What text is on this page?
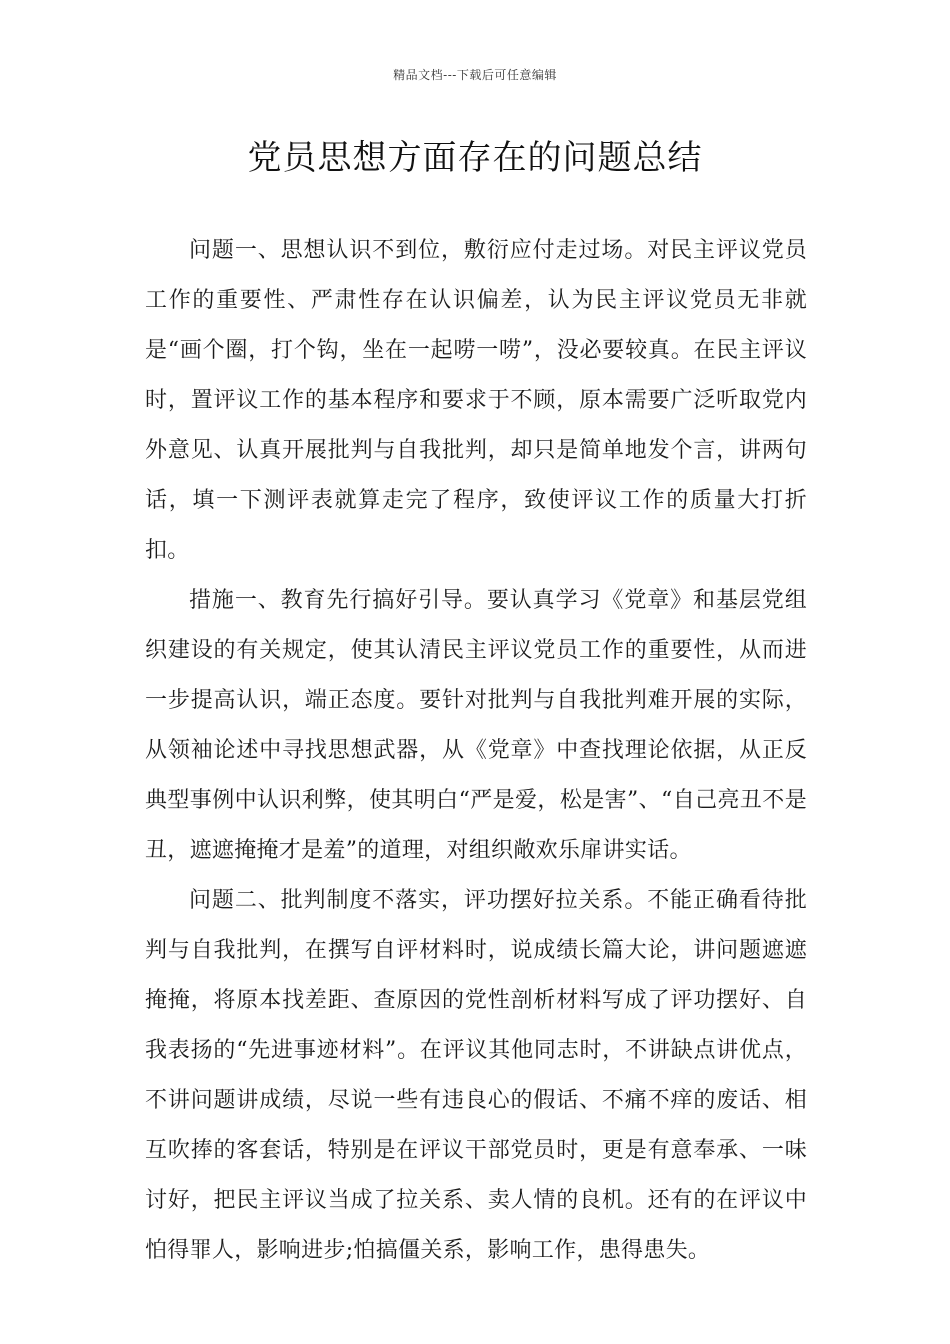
精品文档---下载后可任意编辑
党员思想方面存在的问题总结

问题一、思想认识不到位，敷衍应付走过场。对民主评议党员工作的重要性、严肃性存在认识偏差，认为民主评议党员无非就是“画个圈，打个钩，坐在一起唠一唠”，没必要较真。在民主评议时，置评议工作的基本程序和要求于不顾，原本需要广泛听取党内外意见、认真开展批判与自我批判，却只是简单地发个言，讲两句话，填一下测评表就算走完了程序，致使评议工作的质量大打折扣。

措施一、教育先行搞好引导。要认真学习《党章》和基层党组织建设的有关规定，使其认清民主评议党员工作的重要性，从而进一步提高认识，端正态度。要针对批判与自我批判难开展的实际，从领袖论述中寻找思想武器，从《党章》中查找理论依据，从正反典型事例中认识利弊，使其明白“严是爱，松是害”、“自己亮丑不是丑，遮遮掩掩才是羞”的道理，对组织敞欢乐扉讲实话。

问题二、批判制度不落实，评功摆好拉关系。不能正确看待批判与自我批判，在撰写自评材料时，说成绩长篇大论，讲问题遮遮掩掩，将原本找差距、查原因的党性剖析材料写成了评功摆好、自我表扬的“先进事迹材料”。在评议其他同志时，不讲缺点讲优点，不讲问题讲成绩，尽说一些有违良心的假话、不痛不痒的废话、相互吹捧的客套话，特别是在评议干部党员时，更是有意奉承、一味讨好，把民主评议当成了拉关系、卖人情的良机。还有的在评议中怕得罪人，影响进步;怕搞僵关系，影响工作，患得患失。
